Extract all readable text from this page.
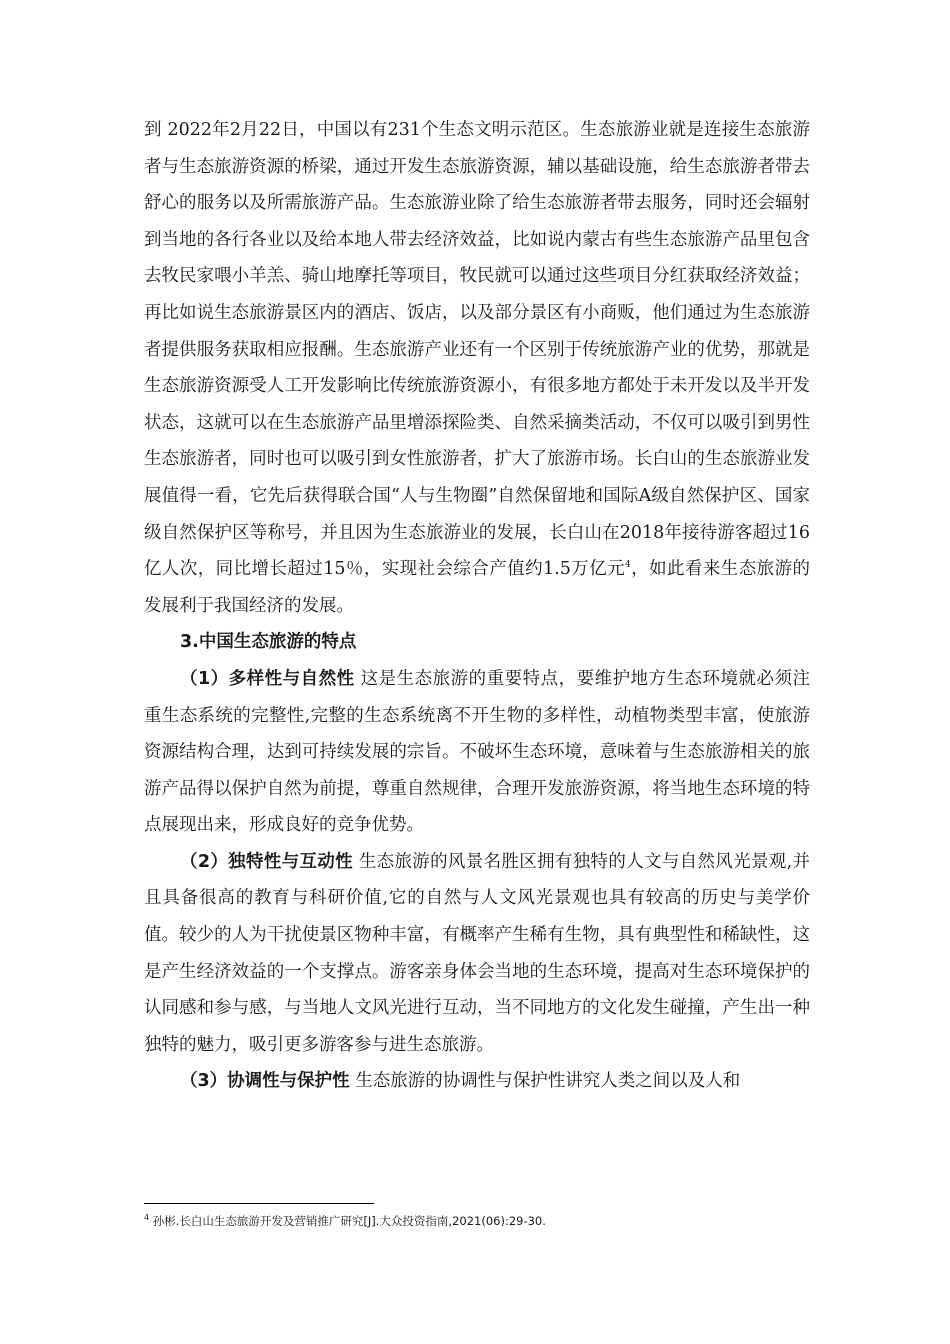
到 2022年2月22日，中国以有231个生态文明示范区。生态旅游业就是连接生态旅游者与生态旅游资源的桥梁，通过开发生态旅游资源，辅以基础设施，给生态旅游者带去舒心的服务以及所需旅游产品。生态旅游业除了给生态旅游者带去服务，同时还会辐射到当地的各行各业以及给本地人带去经济效益，比如说内蒙古有些生态旅游产品里包含去牧民家喂小羊羔、骑山地摩托等项目，牧民就可以通过这些项目分红获取经济效益；再比如说生态旅游景区内的酒店、饭店，以及部分景区有小商贩，他们通过为生态旅游者提供服务获取相应报酬。生态旅游产业还有一个区别于传统旅游产业的优势，那就是生态旅游资源受人工开发影响比传统旅游资源小，有很多地方都处于未开发以及半开发状态，这就可以在生态旅游产品里增添探险类、自然采摘类活动，不仅可以吸引到男性生态旅游者，同时也可以吸引到女性旅游者，扩大了旅游市场。长白山的生态旅游业发展值得一看，它先后获得联合国“人与生物圈”自然保留地和国际A级自然保护区、国家级自然保护区等称号，并且因为生态旅游业的发展，长白山在2018年接待游客超过16亿人次，同比增长超过15％，实现社会综合产值约1.5万亿元$^4$，如此看来生态旅游的发展利于我国经济的发展。

3.中国生态旅游的特点

（1）多样性与自然性 这是生态旅游的重要特点，要维护地方生态环境就必须注重生态系统的完整性,完整的生态系统离不开生物的多样性，动植物类型丰富，使旅游资源结构合理，达到可持续发展的宗旨。不破坏生态环境，意味着与生态旅游相关的旅游产品得以保护自然为前提，尊重自然规律，合理开发旅游资源，将当地生态环境的特点展现出来，形成良好的竞争优势。

（2）独特性与互动性 生态旅游的风景名胜区拥有独特的人文与自然风光景观,并且具备很高的教育与科研价值,它的自然与人文风光景观也具有较高的历史与美学价值。较少的人为干扰使景区物种丰富，有概率产生稀有生物，具有典型性和稀缺性，这是产生经济效益的一个支撑点。游客亲身体会当地的生态环境，提高对生态环境保护的认同感和参与感，与当地人文风光进行互动，当不同地方的文化发生碰撞，产生出一种独特的魅力，吸引更多游客参与进生态旅游。

（3）协调性与保护性 生态旅游的协调性与保护性讲究人类之间以及人和

$^4$ 孙彬.长白山生态旅游开发及营销推广研究[J].大众投资指南,2021(06):29-30.
